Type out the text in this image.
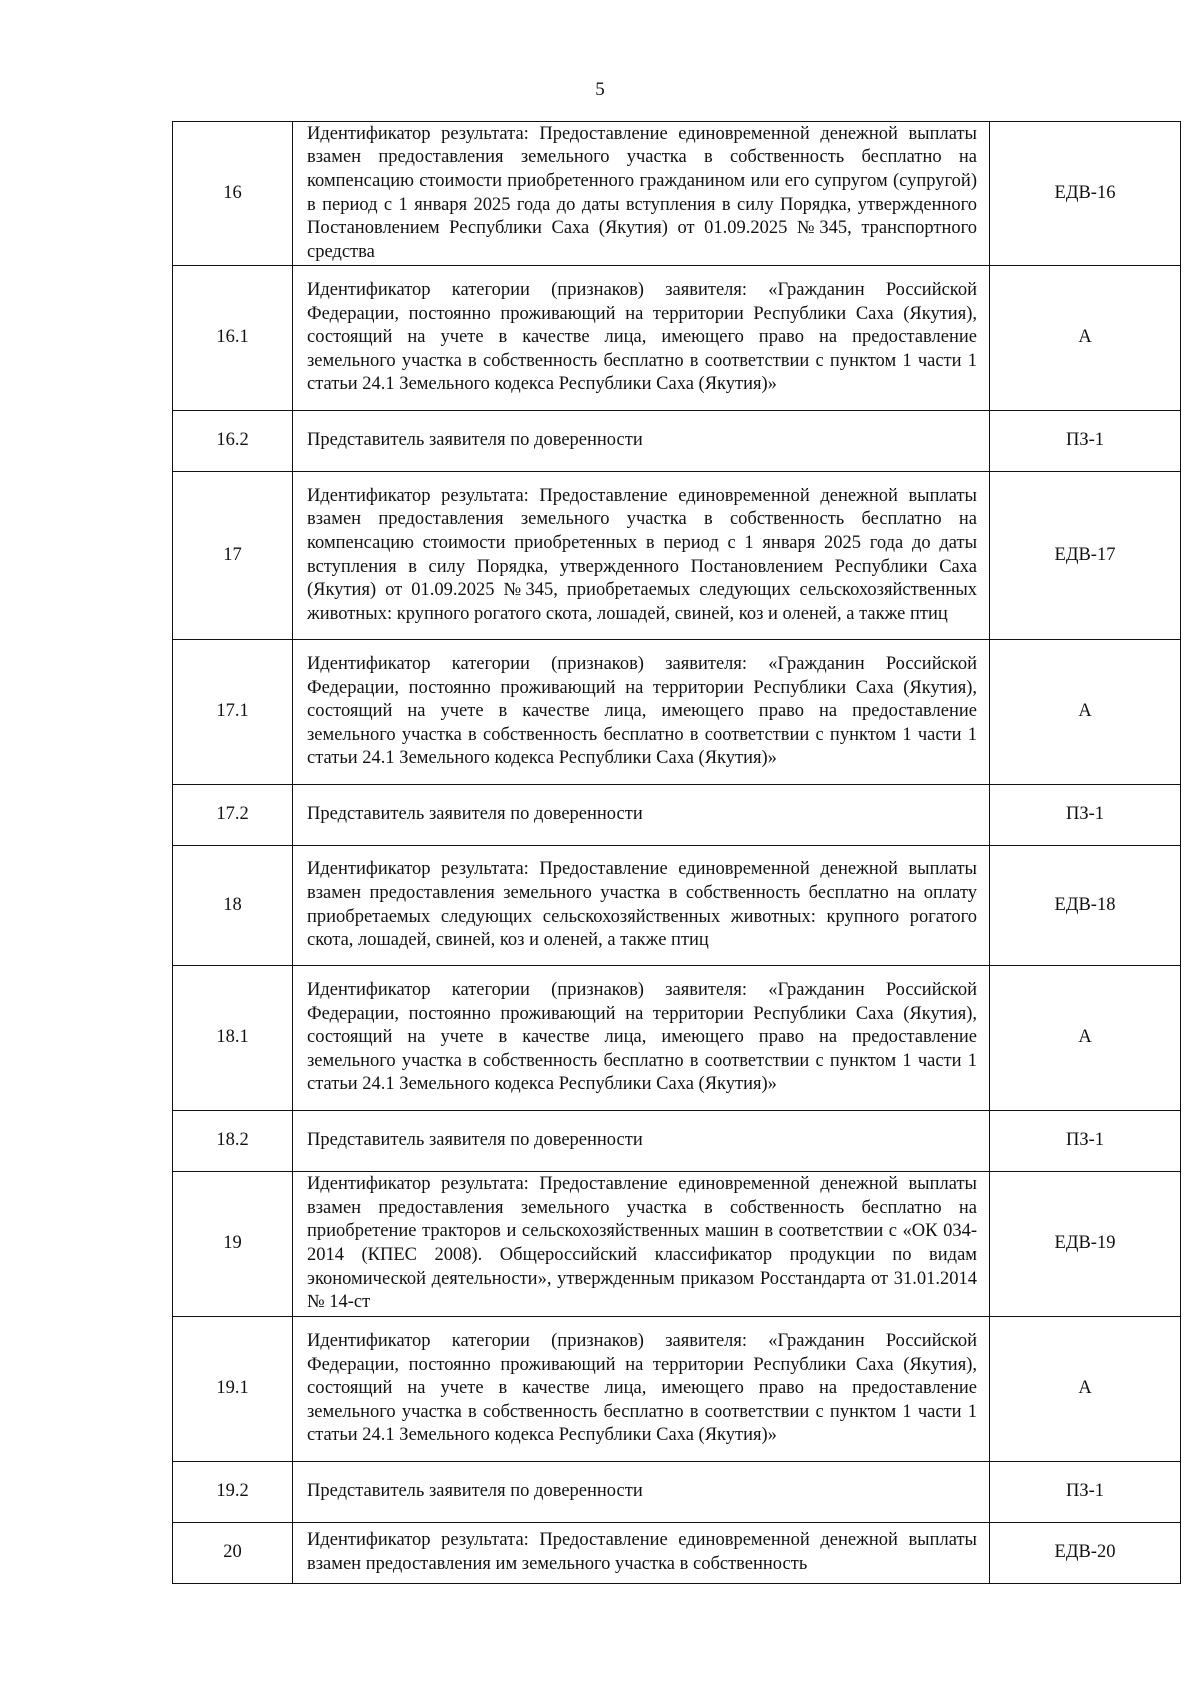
5
16	Идентификатор результата: Предоставление единовременной денежной выплаты взамен предоставления земельного участка в собственность бесплатно на компенсацию стоимости приобретенного гражданином или его супругом (супругой) в период с 1 января 2025 года до даты вступления в силу Порядка, утвержденного Постановлением Республики Саха (Якутия) от 01.09.2025 №345, транспортного средства	ЕДВ-16
16.1	Идентификатор категории (признаков) заявителя: «Гражданин Российской Федерации, постоянно проживающий на территории Республики Саха (Якутия), состоящий на учете в качестве лица, имеющего право на предоставление земельного участка в собственность бесплатно в соответствии с пунктом 1 части 1 статьи 24.1 Земельного кодекса Республики Саха (Якутия)»	А
16.2	Представитель заявителя по доверенности	ПЗ-1
17	Идентификатор результата: Предоставление единовременной денежной выплаты взамен предоставления земельного участка в собственность бесплатно на компенсацию стоимости приобретенных в период с 1 января 2025 года до даты вступления в силу Порядка, утвержденного Постановлением Республики Саха (Якутия) от 01.09.2025 №345, приобретаемых следующих сельскохозяйственных животных: крупного рогатого скота, лошадей, свиней, коз и оленей, а также птиц	ЕДВ-17
17.1	Идентификатор категории (признаков) заявителя: «Гражданин Российской Федерации, постоянно проживающий на территории Республики Саха (Якутия), состоящий на учете в качестве лица, имеющего право на предоставление земельного участка в собственность бесплатно в соответствии с пунктом 1 части 1 статьи 24.1 Земельного кодекса Республики Саха (Якутия)»	А
17.2	Представитель заявителя по доверенности	ПЗ-1
18	Идентификатор результата: Предоставление единовременной денежной выплаты взамен предоставления земельного участка в собственность бесплатно на оплату приобретаемых следующих сельскохозяйственных животных: крупного рогатого скота, лошадей, свиней, коз и оленей, а также птиц	ЕДВ-18
18.1	Идентификатор категории (признаков) заявителя: «Гражданин Российской Федерации, постоянно проживающий на территории Республики Саха (Якутия), состоящий на учете в качестве лица, имеющего право на предоставление земельного участка в собственность бесплатно в соответствии с пунктом 1 части 1 статьи 24.1 Земельного кодекса Республики Саха (Якутия)»	А
18.2	Представитель заявителя по доверенности	ПЗ-1
19	Идентификатор результата: Предоставление единовременной денежной выплаты взамен предоставления земельного участка в собственность бесплатно на приобретение тракторов и сельскохозяйственных машин в соответствии с «ОК 034-2014 (КПЕС 2008). Общероссийский классификатор продукции по видам экономической деятельности», утвержденным приказом Росстандарта от 31.01.2014 № 14-ст	ЕДВ-19
19.1	Идентификатор категории (признаков) заявителя: «Гражданин Российской Федерации, постоянно проживающий на территории Республики Саха (Якутия), состоящий на учете в качестве лица, имеющего право на предоставление земельного участка в собственность бесплатно в соответствии с пунктом 1 части 1 статьи 24.1 Земельного кодекса Республики Саха (Якутия)»	А
19.2	Представитель заявителя по доверенности	ПЗ-1
20	Идентификатор результата: Предоставление единовременной денежной выплаты взамен предоставления им земельного участка в собственность	ЕДВ-20
